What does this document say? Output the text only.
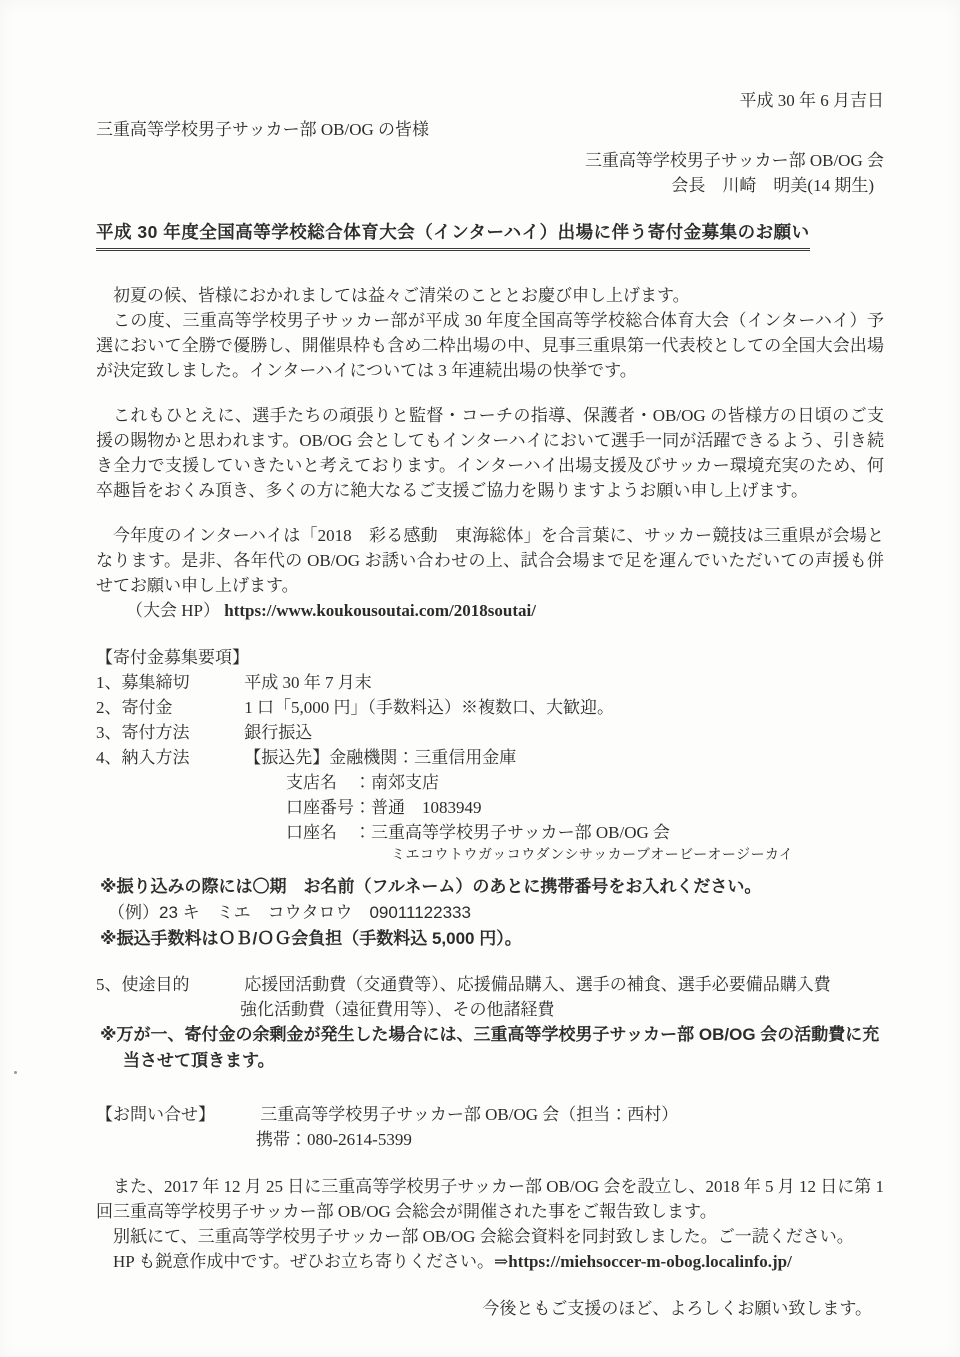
平成 30 年 6 月吉日
三重高等学校男子サッカー部 OB/OG の皆様
三重高等学校男子サッカー部 OB/OG 会
会長　川崎　明美(14 期生)
平成 30 年度全国高等学校総合体育大会（インターハイ）出場に伴う寄付金募集のお願い
初夏の候、皆様におかれましては益々ご清栄のこととお慶び申し上げます。
この度、三重高等学校男子サッカー部が平成 30 年度全国高等学校総合体育大会（インターハイ）予選において全勝で優勝し、開催県枠も含め二枠出場の中、見事三重県第一代表校としての全国大会出場が決定致しました。インターハイについては 3 年連続出場の快挙です。
これもひとえに、選手たちの頑張りと監督・コーチの指導、保護者・OB/OG の皆様方の日頃のご支援の賜物かと思われます。OB/OG 会としてもインターハイにおいて選手一同が活躍できるよう、引き続き全力で支援していきたいと考えております。インターハイ出場支援及びサッカー環境充実のため、何卒趣旨をおくみ頂き、多くの方に絶大なるご支援ご協力を賜りますようお願い申し上げます。
今年度のインターハイは「2018　彩る感動　東海総体」を合言葉に、サッカー競技は三重県が会場となります。是非、各年代の OB/OG お誘い合わせの上、試合会場まで足を運んでいただいての声援も併せてお願い申し上げます。
（大会 HP） https://www.koukousoutai.com/2018soutai/
【寄付金募集要項】
1、募集締切	平成 30 年 7 月末
2、寄付金	1 口「5,000 円」（手数料込）※複数口、大歓迎。
3、寄付方法	銀行振込
4、納入方法	【振込先】金融機関：三重信用金庫
支店名　：南郊支店
口座番号：普通　1083949
口座名　：三重高等学校男子サッカー部 OB/OG 会
ミエコウトウガッコウダンシサッカーブオービーオージーカイ
※振り込みの際には〇期　お名前（フルネーム）のあとに携帯番号をお入れください。
（例）23 キ　ミエ　コウタロウ　09011122333
※振込手数料はＯＢ/ＯＧ会負担（手数料込 5,000 円）。
5、使途目的	応援団活動費（交通費等）、応援備品購入、選手の補食、選手必要備品購入費
強化活動費（遠征費用等）、その他諸経費
※万が一、寄付金の余剰金が発生した場合には、三重高等学校男子サッカー部 OB/OG 会の活動費に充当させて頂きます。
【お問い合せ】	三重高等学校男子サッカー部 OB/OG 会（担当：西村）
携帯：080-2614-5399
また、2017 年 12 月 25 日に三重高等学校男子サッカー部 OB/OG 会を設立し、2018 年 5 月 12 日に第 1 回三重高等学校男子サッカー部 OB/OG 会総会が開催された事をご報告致します。
別紙にて、三重高等学校男子サッカー部 OB/OG 会総会資料を同封致しました。ご一読ください。
HP も鋭意作成中です。ぜひお立ち寄りください。⇒https://miehsoccer-m-obog.localinfo.jp/
今後ともご支援のほど、よろしくお願い致します。
